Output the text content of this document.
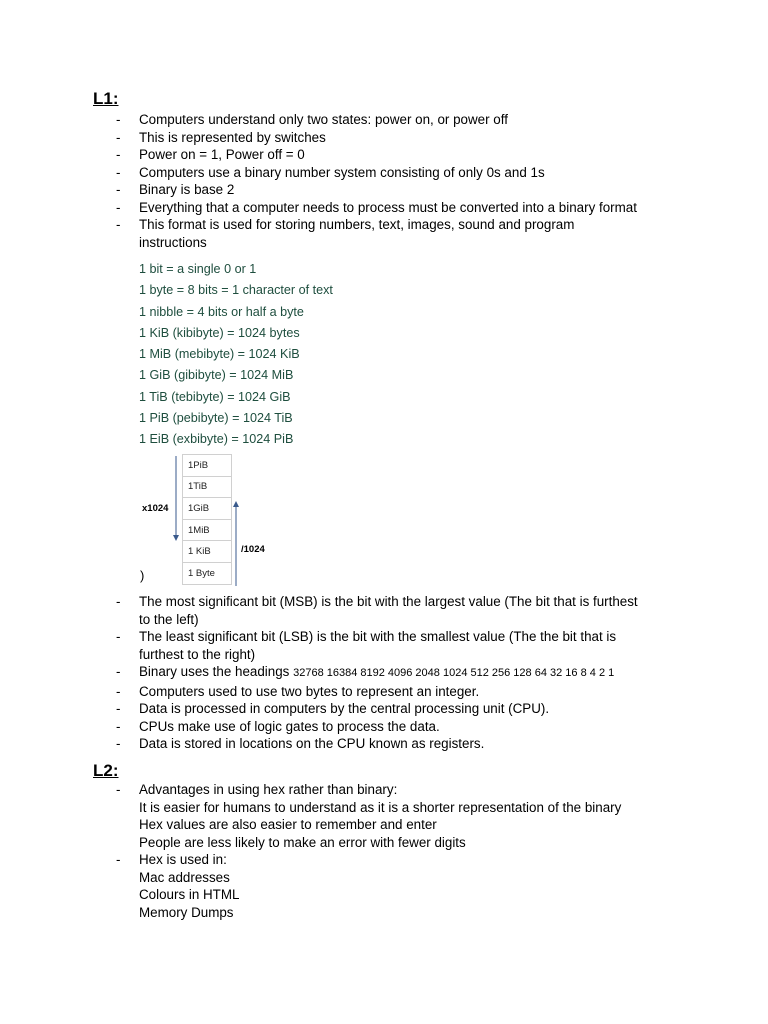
L1:
- Computers understand only two states: power on, or power off
- This is represented by switches
- Power on = 1, Power off = 0
- Computers use a binary number system consisting of only 0s and 1s
- Binary is base 2
- Everything that a computer needs to process must be converted into a binary format
- This format is used for storing numbers, text, images, sound and program
instructions
1 bit = a single 0 or 1
1 byte = 8 bits = 1 character of text
1 nibble = 4 bits or half a byte
1 KiB (kibibyte) = 1024 bytes
1 MiB (mebibyte) = 1024 KiB
1 GiB (gibibyte) = 1024 MiB
1 TiB (tebibyte) = 1024 GiB
1 PiB (pebibyte) = 1024 TiB
1 EiB (exbibyte) = 1024 PiB
x1024
/1024
1PiB
1TiB
1GiB
1MiB
1 KiB
1 Byte
)
- The most significant bit (MSB) is the bit with the largest value (The bit that is furthest
to the left)
- The least significant bit (LSB) is the bit with the smallest value (The the bit that is
furthest to the right)
- Binary uses the headings 32768 16384 8192 4096 2048 1024 512 256 128 64 32 16 8 4 2 1
- Computers used to use two bytes to represent an integer.
- Data is processed in computers by the central processing unit (CPU).
- CPUs make use of logic gates to process the data.
- Data is stored in locations on the CPU known as registers.
L2:
- Advantages in using hex rather than binary:
It is easier for humans to understand as it is a shorter representation of the binary
Hex values are also easier to remember and enter
People are less likely to make an error with fewer digits
- Hex is used in:
Mac addresses
Colours in HTML
Memory Dumps
